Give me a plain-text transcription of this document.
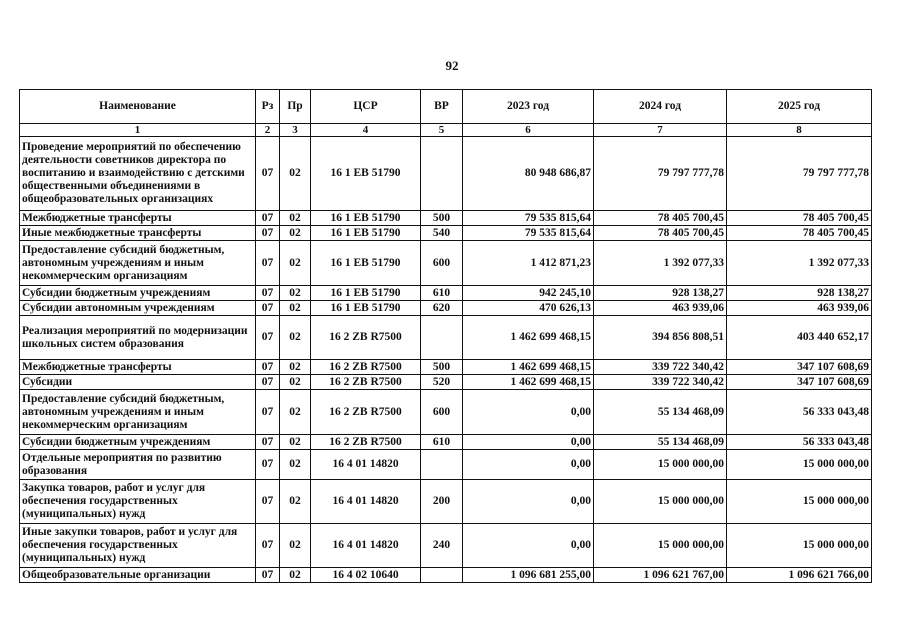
92
Наименование	Рз	Пр	ЦСР	ВР	2023 год	2024 год	2025 год
1	2	3	4	5	6	7	8
Проведение мероприятий по обеспечению деятельности советников директора по воспитанию и взаимодействию с детскими общественными объединениями в общеобразовательных организациях	07	02	16 1 ЕВ 51790		80 948 686,87	79 797 777,78	79 797 777,78
Межбюджетные трансферты	07	02	16 1 ЕВ 51790	500	79 535 815,64	78 405 700,45	78 405 700,45
Иные межбюджетные трансферты	07	02	16 1 ЕВ 51790	540	79 535 815,64	78 405 700,45	78 405 700,45
Предоставление субсидий бюджетным, автономным учреждениям и иным некоммерческим организациям	07	02	16 1 ЕВ 51790	600	1 412 871,23	1 392 077,33	1 392 077,33
Субсидии бюджетным учреждениям	07	02	16 1 ЕВ 51790	610	942 245,10	928 138,27	928 138,27
Субсидии автономным учреждениям	07	02	16 1 ЕВ 51790	620	470 626,13	463 939,06	463 939,06
Реализация мероприятий по модернизации школьных систем образования	07	02	16 2 ZB R7500		1 462 699 468,15	394 856 808,51	403 440 652,17
Межбюджетные трансферты	07	02	16 2 ZB R7500	500	1 462 699 468,15	339 722 340,42	347 107 608,69
Субсидии	07	02	16 2 ZB R7500	520	1 462 699 468,15	339 722 340,42	347 107 608,69
Предоставление субсидий бюджетным, автономным учреждениям и иным некоммерческим организациям	07	02	16 2 ZB R7500	600	0,00	55 134 468,09	56 333 043,48
Субсидии бюджетным учреждениям	07	02	16 2 ZB R7500	610	0,00	55 134 468,09	56 333 043,48
Отдельные мероприятия по развитию образования	07	02	16 4 01 14820		0,00	15 000 000,00	15 000 000,00
Закупка товаров, работ и услуг для обеспечения государственных (муниципальных) нужд	07	02	16 4 01 14820	200	0,00	15 000 000,00	15 000 000,00
Иные закупки товаров, работ и услуг для обеспечения государственных (муниципальных) нужд	07	02	16 4 01 14820	240	0,00	15 000 000,00	15 000 000,00
Общеобразовательные организации	07	02	16 4 02 10640		1 096 681 255,00	1 096 621 767,00	1 096 621 766,00
